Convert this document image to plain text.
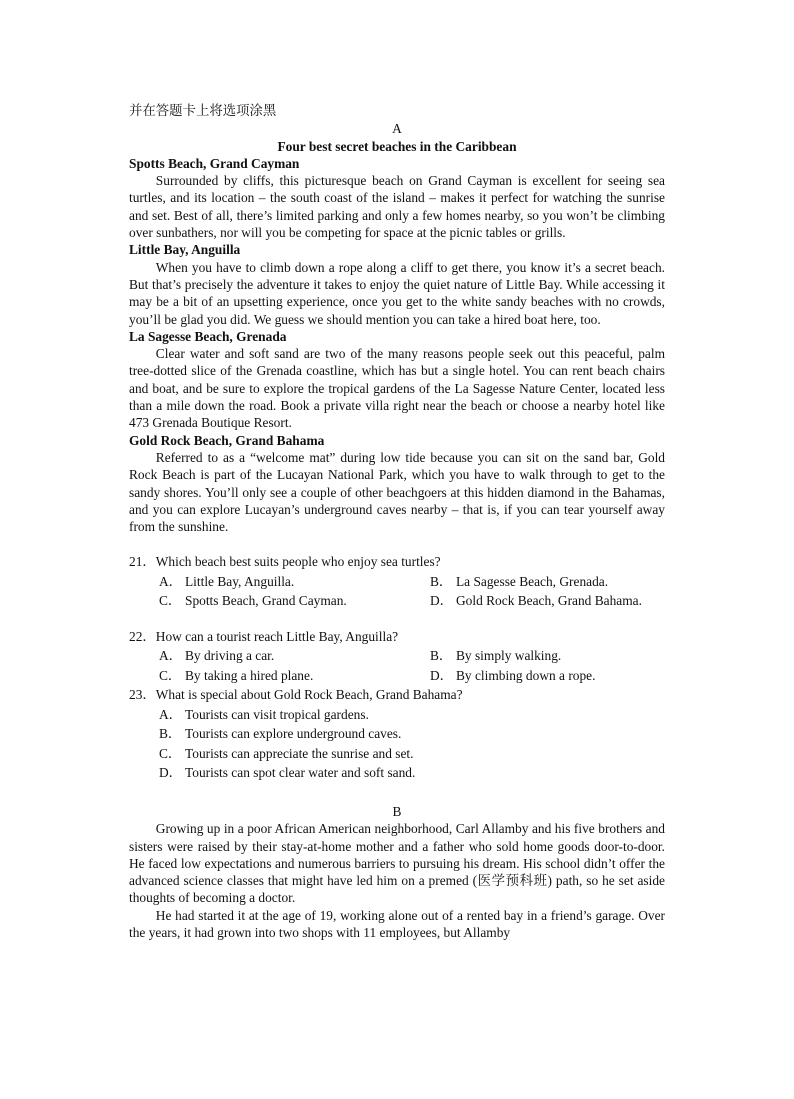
并在答题卡上将选项涂黑
A
Four best secret beaches in the Caribbean
Spotts Beach, Grand Cayman

Surrounded by cliffs, this picturesque beach on Grand Cayman is excellent for seeing sea turtles, and its location – the south coast of the island – makes it perfect for watching the sunrise and set. Best of all, there’s limited parking and only a few homes nearby, so you won’t be climbing over sunbathers, nor will you be competing for space at the picnic tables or grills.

Little Bay, Anguilla

When you have to climb down a rope along a cliff to get there, you know it’s a secret beach. But that’s precisely the adventure it takes to enjoy the quiet nature of Little Bay. While accessing it may be a bit of an upsetting experience, once you get to the white sandy beaches with no crowds, you’ll be glad you did. We guess we should mention you can take a hired boat here, too.

La Sagesse Beach, Grenada

Clear water and soft sand are two of the many reasons people seek out this peaceful, palm tree-dotted slice of the Grenada coastline, which has but a single hotel. You can rent beach chairs and boat, and be sure to explore the tropical gardens of the La Sagesse Nature Center, located less than a mile down the road. Book a private villa right near the beach or choose a nearby hotel like 473 Grenada Boutique Resort.

Gold Rock Beach, Grand Bahama

Referred to as a “welcome mat” during low tide because you can sit on the sand bar, Gold Rock Beach is part of the Lucayan National Park, which you have to walk through to get to the sandy shores. You’ll only see a couple of other beachgoers at this hidden diamond in the Bahamas, and you can explore Lucayan’s underground caves nearby – that is, if you can tear yourself away from the sunshine.

21．Which beach best suits people who enjoy sea turtles?
A． Little Bay, Anguilla.	B． La Sagesse Beach, Grenada.
C． Spotts Beach, Grand Cayman.	D． Gold Rock Beach, Grand Bahama.
22．How can a tourist reach Little Bay, Anguilla?
A． By driving a car.	B． By simply walking.
C． By taking a hired plane.	D． By climbing down a rope.
23．What is special about Gold Rock Beach, Grand Bahama?
A． Tourists can visit tropical gardens.
B． Tourists can explore underground caves.
C． Tourists can appreciate the sunrise and set.
D． Tourists can spot clear water and soft sand.
B

Growing up in a poor African American neighborhood, Carl Allamby and his five brothers and sisters were raised by their stay-at-home mother and a father who sold home goods door-to-door. He faced low expectations and numerous barriers to pursuing his dream. His school didn’t offer the advanced science classes that might have led him on a premed (医学预科班) path, so he set aside thoughts of becoming a doctor.

He had started it at the age of 19, working alone out of a rented bay in a friend’s garage. Over the years, it had grown into two shops with 11 employees, but Allamby
